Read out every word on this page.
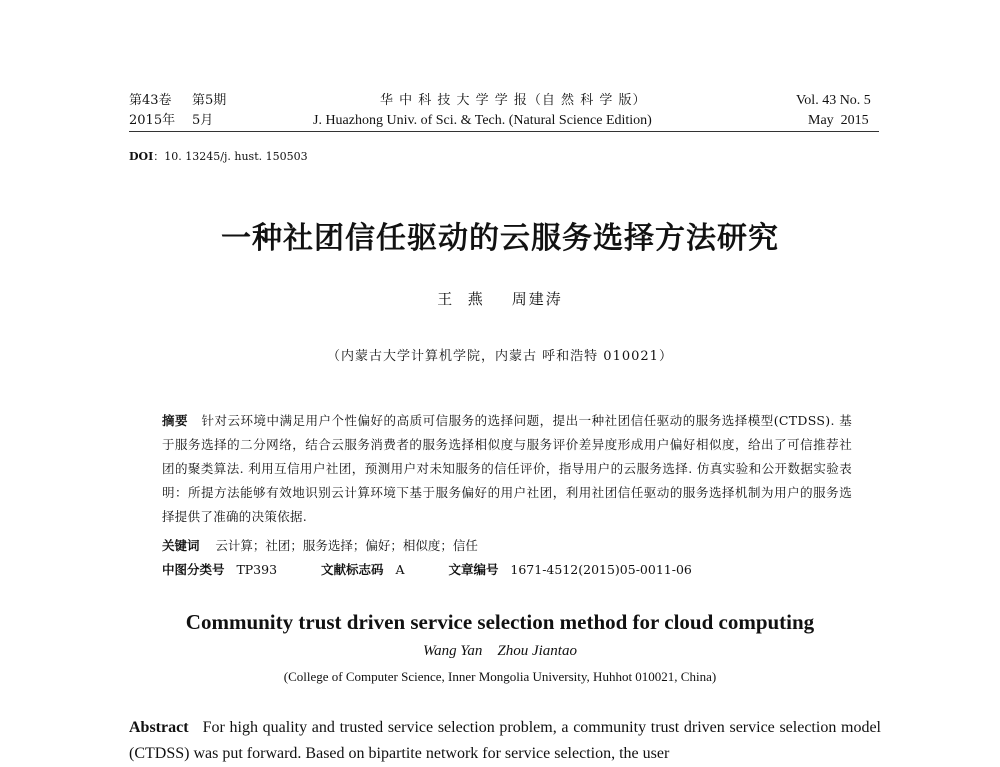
第43卷 第5期
2015年 5月
华 中 科 技 大 学 学 报（自 然 科 学 版）
J. Huazhong Univ. of Sci. & Tech. (Natural Science Edition)
Vol. 43 No. 5
May  2015
DOI：10. 13245/j. hust. 150503
一种社团信任驱动的云服务选择方法研究
王  燕    周建涛
（内蒙古大学计算机学院，内蒙古 呼和浩特 010021）
摘要 针对云环境中满足用户个性偏好的高质可信服务的选择问题，提出一种社团信任驱动的服务选择模型(CTDSS). 基于服务选择的二分网络，结合云服务消费者的服务选择相似度与服务评价差异度形成用户偏好相似度，给出了可信推荐社团的聚类算法. 利用互信用户社团，预测用户对未知服务的信任评价，指导用户的云服务选择. 仿真实验和公开数据实验表明：所提方法能够有效地识别云计算环境下基于服务偏好的用户社团，利用社团信任驱动的服务选择机制为用户的服务选择提供了准确的决策依据.
关键词 云计算；社团；服务选择；偏好；相似度；信任
中图分类号 TP393	文献标志码 A	文章编号 1671-4512(2015)05-0011-06
Community trust driven service selection method for cloud computing
Wang Yan    Zhou Jiantao
(College of Computer Science, Inner Mongolia University, Huhhot 010021, China)
Abstract For high quality and trusted service selection problem, a community trust driven service selection model (CTDSS) was put forward. Based on bipartite network for service selection, the user
